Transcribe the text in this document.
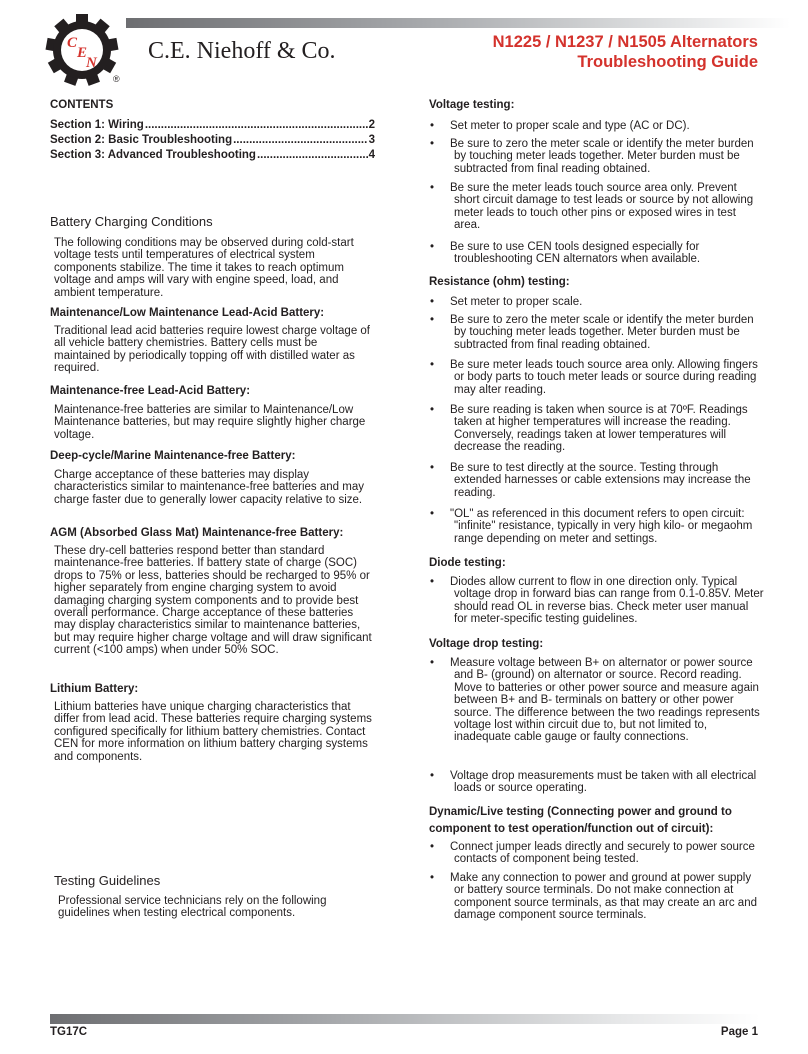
C
E
N C.E. Niehoff & Co.
®
N1225 / N1237 / N1505 Alternators
Troubleshooting Guide
CONTENTS
Section 1: Wiring .....	2
Section 2: Basic Troubleshooting .....	3
Section 3: Advanced Troubleshooting .....	4
Battery Charging Conditions
The following conditions may be observed during cold-start voltage tests until temperatures of electrical system components stabilize. The time it takes to reach optimum voltage and amps will vary with engine speed, load, and ambient temperature.
Maintenance/Low Maintenance Lead-Acid Battery:
Traditional lead acid batteries require lowest charge voltage of all vehicle battery chemistries. Battery cells must be maintained by periodically topping off with distilled water as required.
Maintenance-free Lead-Acid Battery:
Maintenance-free batteries are similar to Maintenance/Low Maintenance batteries, but may require slightly higher charge voltage.
Deep-cycle/Marine Maintenance-free Battery:
Charge acceptance of these batteries may display characteristics similar to maintenance-free batteries and may charge faster due to generally lower capacity relative to size.
AGM (Absorbed Glass Mat) Maintenance-free Battery:
These dry-cell batteries respond better than standard maintenance-free batteries. If battery state of charge (SOC) drops to 75% or less, batteries should be recharged to 95% or higher separately from engine charging system to avoid damaging charging system components and to provide best overall performance. Charge acceptance of these batteries may display characteristics similar to maintenance batteries, but may require higher charge voltage and will draw significant current (<100 amps) when under 50% SOC.
Lithium Battery:
Lithium batteries have unique charging characteristics that differ from lead acid. These batteries require charging systems configured specifically for lithium battery chemistries. Contact CEN for more information on lithium battery charging systems and components.
Testing Guidelines
Professional service technicians rely on the following guidelines when testing electrical components.
Voltage testing:
• Set meter to proper scale and type (AC or DC).
• Be sure to zero the meter scale or identify the meter burden by touching meter leads together. Meter burden must be subtracted from final reading obtained.
• Be sure the meter leads touch source area only. Prevent short circuit damage to test leads or source by not allowing meter leads to touch other pins or exposed wires in test area.
• Be sure to use CEN tools designed especially for troubleshooting CEN alternators when available.
Resistance (ohm) testing:
• Set meter to proper scale.
• Be sure to zero the meter scale or identify the meter burden by touching meter leads together. Meter burden must be subtracted from final reading obtained.
• Be sure meter leads touch source area only. Allowing fingers or body parts to touch meter leads or source during reading may alter reading.
• Be sure reading is taken when source is at 70ºF. Readings taken at higher temperatures will increase the reading. Conversely, readings taken at lower temperatures will decrease the reading.
• Be sure to test directly at the source. Testing through extended harnesses or cable extensions may increase the reading.
• "OL" as referenced in this document refers to open circuit: "infinite" resistance, typically in very high kilo- or megaohm range depending on meter and settings.
Diode testing:
• Diodes allow current to flow in one direction only. Typical voltage drop in forward bias can range from 0.1-0.85V. Meter should read OL in reverse bias. Check meter user manual for meter-specific testing guidelines.
Voltage drop testing:
• Measure voltage between B+ on alternator or power source and B- (ground) on alternator or source. Record reading. Move to batteries or other power source and measure again between B+ and B- terminals on battery or other power source. The difference between the two readings represents voltage lost within circuit due to, but not limited to, inadequate cable gauge or faulty connections.
• Voltage drop measurements must be taken with all electrical loads or source operating.
Dynamic/Live testing (Connecting power and ground to
component to test operation/function out of circuit):
• Connect jumper leads directly and securely to power source contacts of component being tested.
• Make any connection to power and ground at power supply or battery source terminals. Do not make connection at component source terminals, as that may create an arc and damage component source terminals.
TG17C	Page 1
